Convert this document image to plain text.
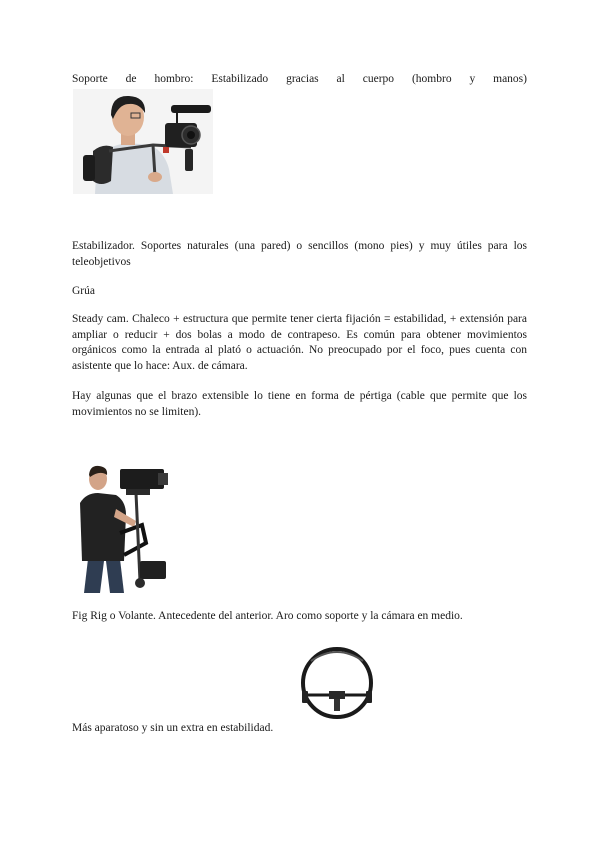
Soporte de hombro: Estabilizado gracias al cuerpo (hombro y manos)

Estabilizador. Soportes naturales (una pared) o sencillos (mono pies) y muy útiles para los teleobjetivos

Grúa

Steady cam. Chaleco + estructura que permite tener cierta fijación = estabilidad, + extensión para ampliar o reducir + dos bolas a modo de contrapeso. Es común para obtener movimientos orgánicos como la entrada al plató o actuación. No preocupado por el foco, pues cuenta con asistente que lo hace: Aux. de cámara.

Hay algunas que el brazo extensible lo tiene en forma de pértiga (cable que permite que los movimientos no se limiten).

Fig Rig o Volante. Antecedente del anterior. Aro como soporte y la cámara en medio.

Más aparatoso y sin un extra en estabilidad.
